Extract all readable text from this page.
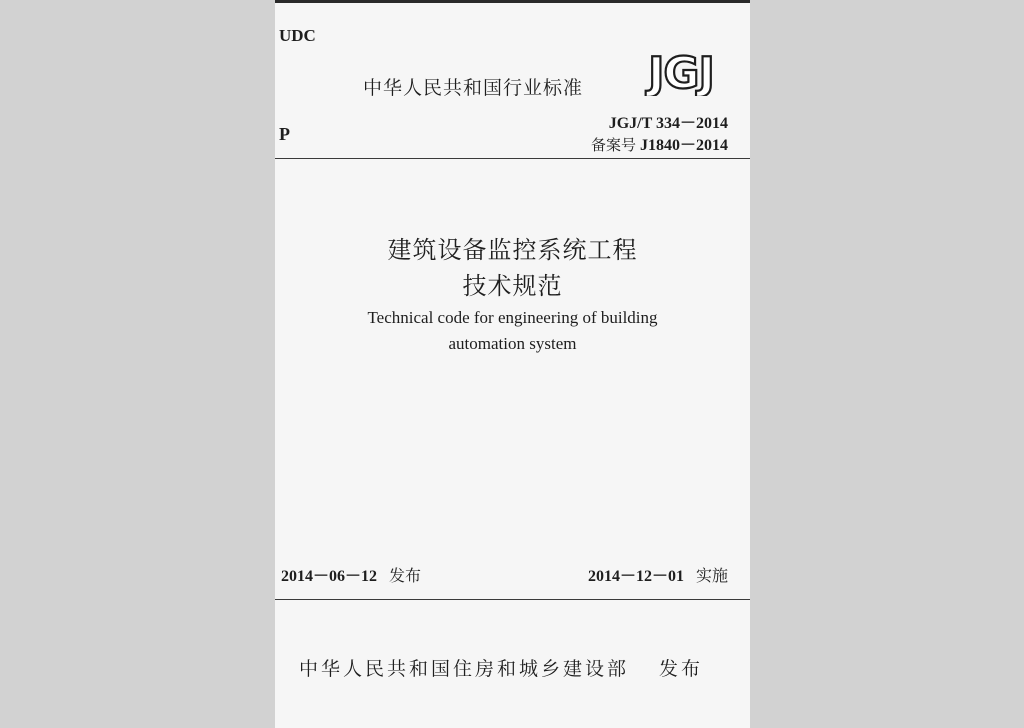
UDC
中华人民共和国行业标准 JGJ
JGJ/T 334－2014
P
备案号 J1840－2014
建筑设备监控系统工程
技术规范
Technical code for engineering of building
automation system
2014－06－12 发布	2014－12－01 实施
中华人民共和国住房和城乡建设部 发布
